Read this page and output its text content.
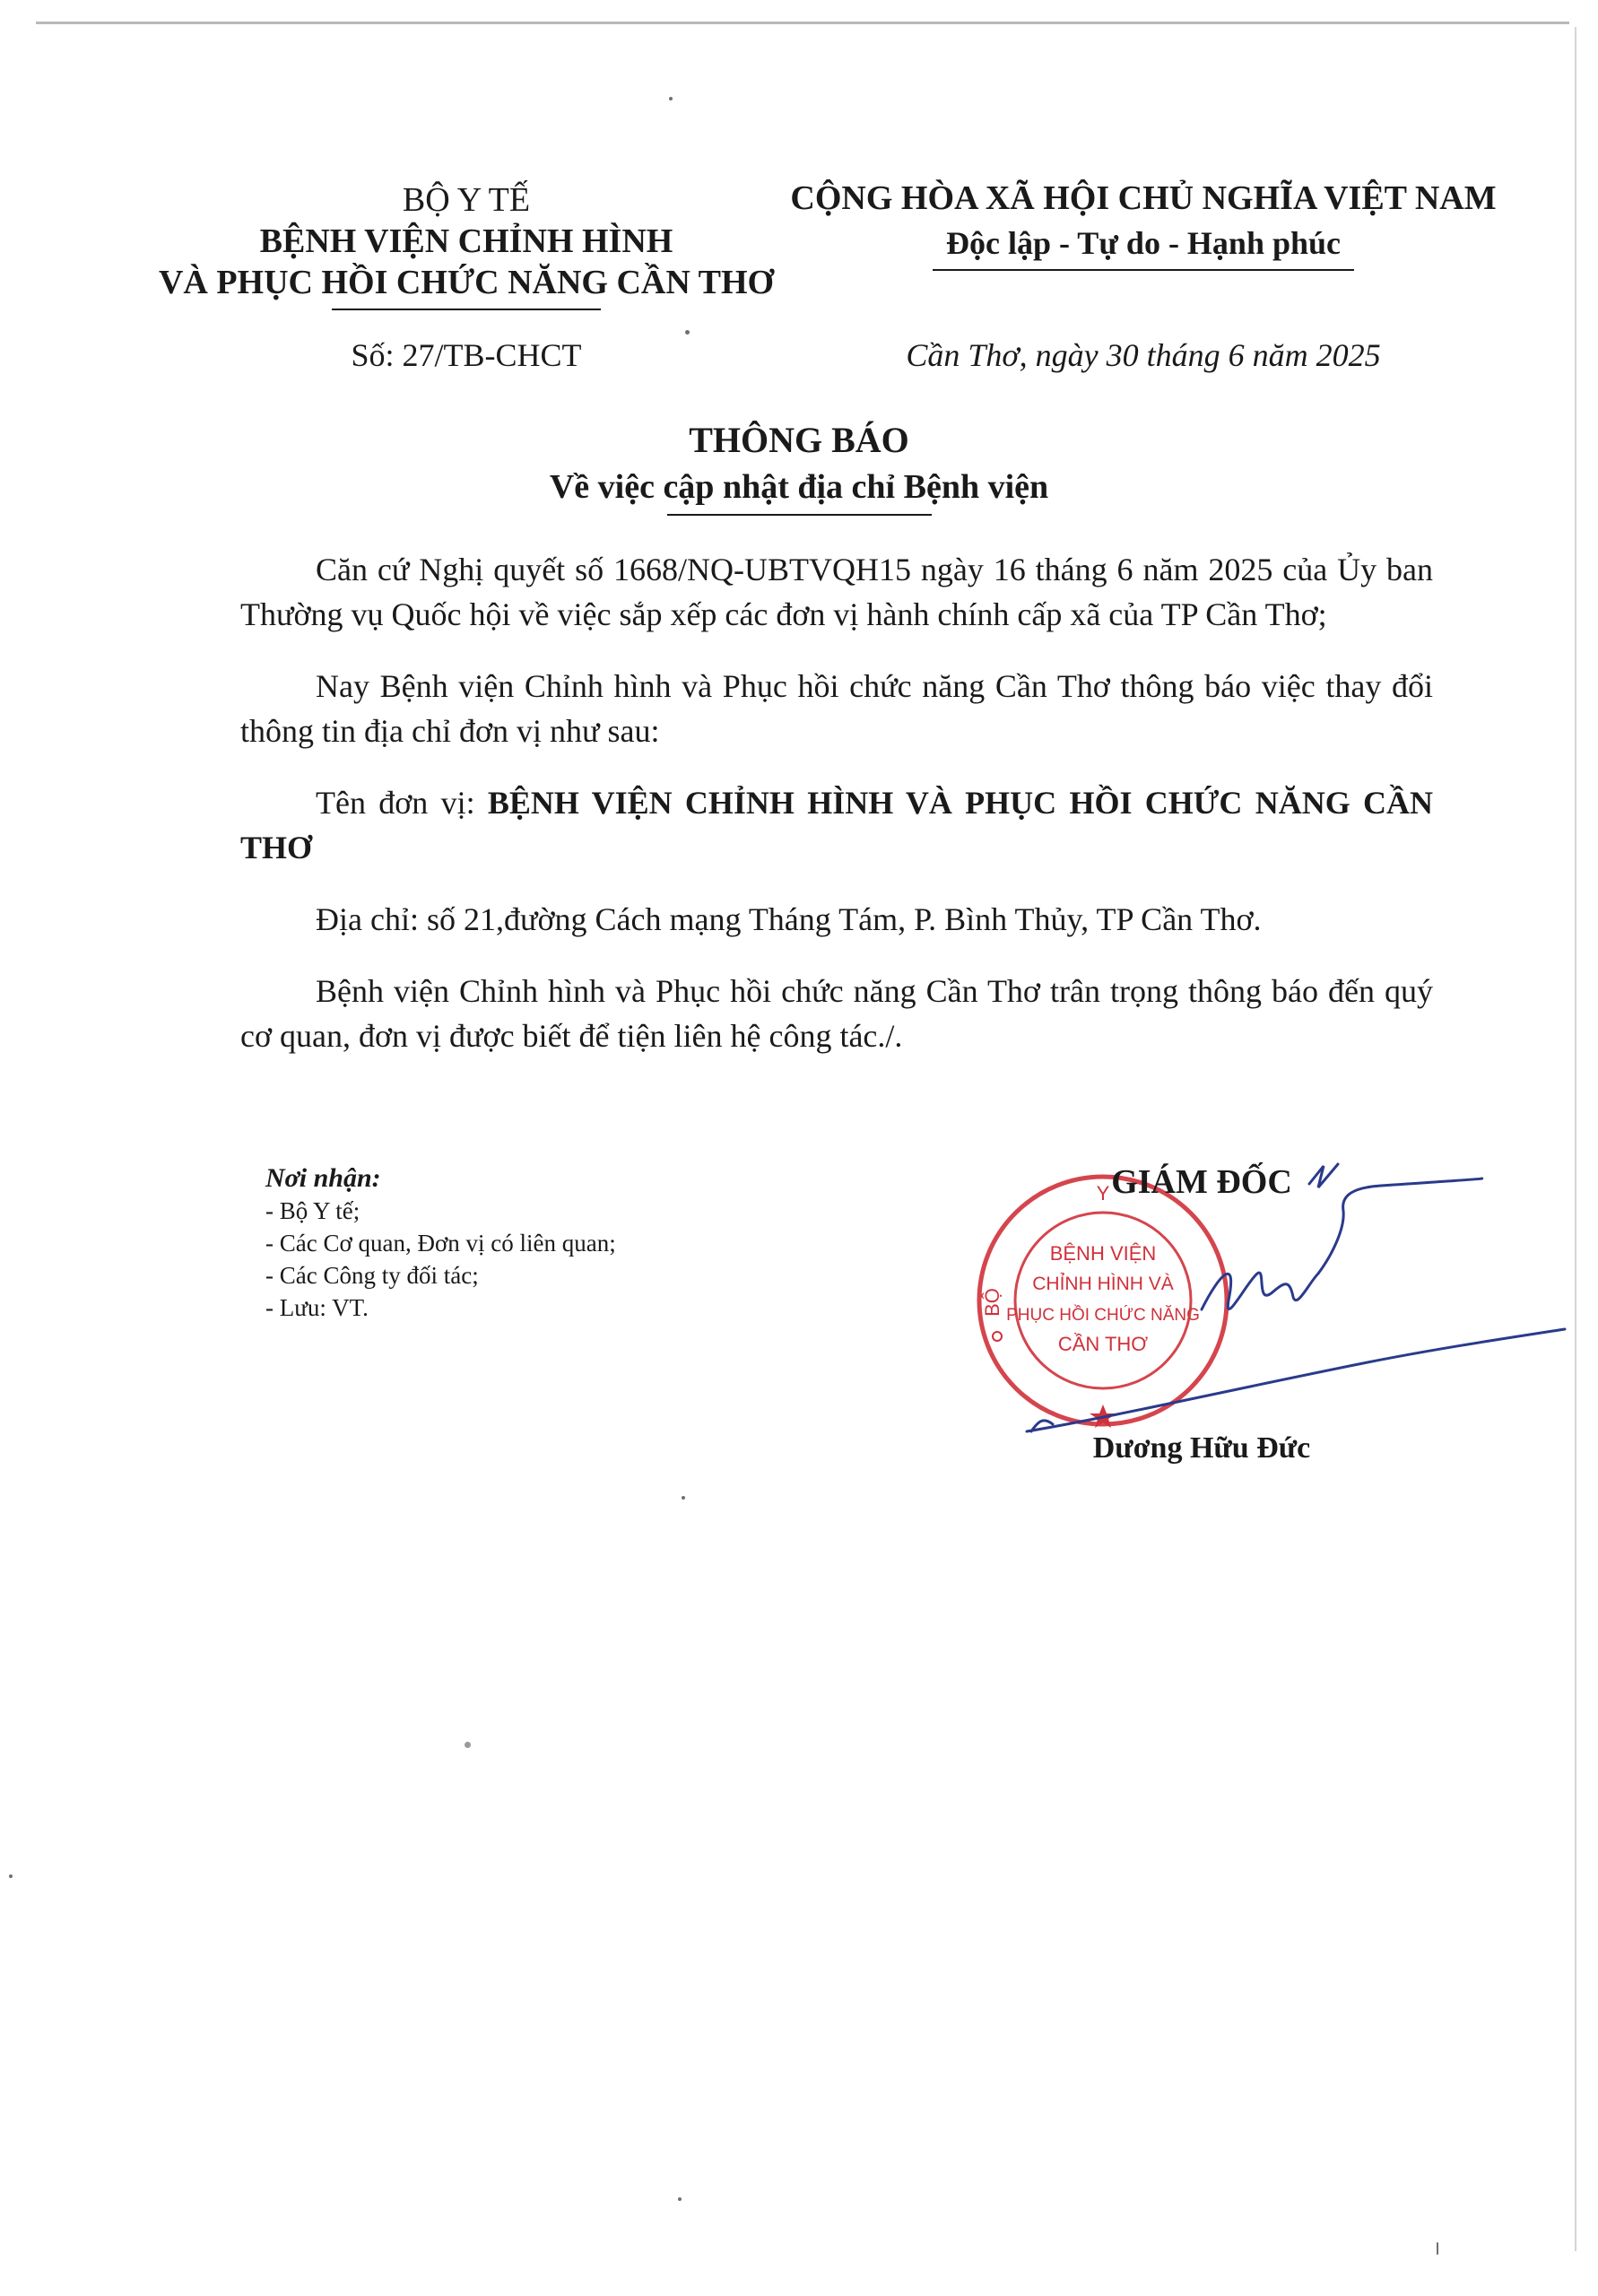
BỘ Y TẾ
BỆNH VIỆN CHỈNH HÌNH
VÀ PHỤC HỒI CHỨC NĂNG CẦN THƠ
CỘNG HÒA XÃ HỘI CHỦ NGHĨA VIỆT NAM
Độc lập - Tự do - Hạnh phúc
Số: 27/TB-CHCT	Cần Thơ, ngày 30 tháng 6 năm 2025
THÔNG BÁO
Về việc cập nhật địa chỉ Bệnh viện

Căn cứ Nghị quyết số 1668/NQ-UBTVQH15 ngày 16 tháng 6 năm 2025 của Ủy ban Thường vụ Quốc hội về việc sắp xếp các đơn vị hành chính cấp xã của TP Cần Thơ;

Nay Bệnh viện Chỉnh hình và Phục hồi chức năng Cần Thơ thông báo việc thay đổi thông tin địa chỉ đơn vị như sau:

Tên đơn vị: BỆNH VIỆN CHỈNH HÌNH VÀ PHỤC HỒI CHỨC NĂNG CẦN THƠ

Địa chỉ: số 21,đường Cách mạng Tháng Tám, P. Bình Thủy, TP Cần Thơ.

Bệnh viện Chỉnh hình và Phục hồi chức năng Cần Thơ trân trọng thông báo đến quý cơ quan, đơn vị được biết để tiện liên hệ công tác./.

Nơi nhận:
- Bộ Y tế;
- Các Cơ quan, Đơn vị có liên quan;
- Các Công ty đối tác;
- Lưu: VT.
Y
BỘ
BỆNH VIỆN
CHỈNH HÌNH VÀ
PHỤC HỒI CHỨC NĂNG
CẦN THƠ
GIÁM ĐỐC
Dương Hữu Đức
